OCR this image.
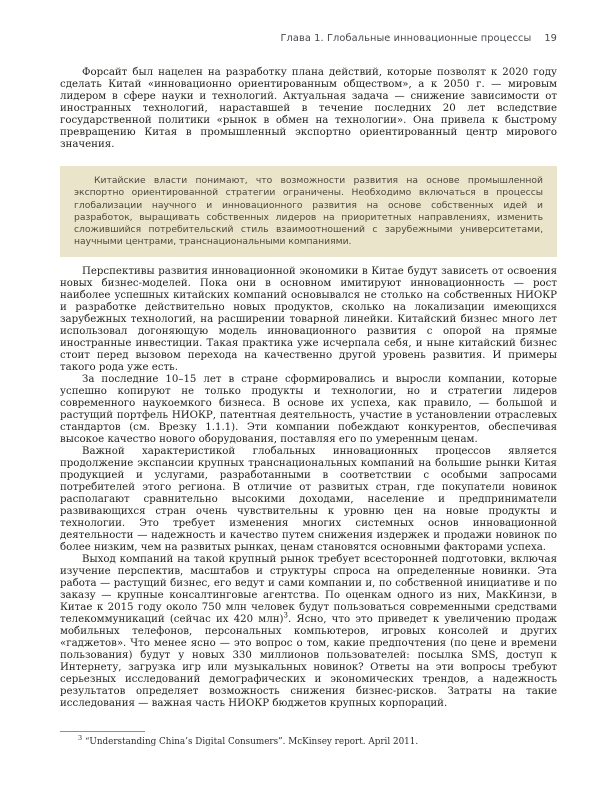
Глава 1. Глобальные инновационные процессы 19

Форсайт был нацелен на разработку плана действий, которые позволят к 2020 году сделать Китай «инновационно ориентированным обществом», а к 2050 г. — мировым лидером в сфере науки и технологий. Актуальная задача — снижение зависимости от иностранных технологий, нараставшей в течение последних 20 лет вследствие государственной политики «рынок в обмен на технологии». Она привела к быстрому превращению Китая в промышленный экспортно ориентированный центр мирового значения.

Китайские власти понимают, что возможности развития на основе промышленной экспортно ориентированной стратегии ограничены. Необходимо включаться в процессы глобализации научного и инновационного развития на основе собственных идей и разработок, выращивать собственных лидеров на приоритетных направлениях, изменить сложившийся потребительский стиль взаимоотношений с зарубежными университетами, научными центрами, транснациональными компаниями.

Перспективы развития инновационной экономики в Китае будут зависеть от освоения новых бизнес-моделей. Пока они в основном имитируют инновационность — рост наиболее успешных китайских компаний основывался не столько на собственных НИОКР и разработке действительно новых продуктов, сколько на локализации имеющихся зарубежных технологий, на расширении товарной линейки. Китайский бизнес много лет использовал догоняющую модель инновационного развития с опорой на прямые иностранные инвестиции. Такая практика уже исчерпала себя, и ныне китайский бизнес стоит перед вызовом перехода на качественно другой уровень развития. И примеры такого рода уже есть.

За последние 10–15 лет в стране сформировались и выросли компании, которые успешно копируют не только продукты и технологии, но и стратегии лидеров современного наукоемкого бизнеса. В основе их успеха, как правило, — большой и растущий портфель НИОКР, патентная деятельность, участие в установлении отраслевых стандартов (см. Врезку 1.1.1). Эти компании побеждают конкурентов, обеспечивая высокое качество нового оборудования, поставляя его по умеренным ценам.

Важной характеристикой глобальных инновационных процессов является продолжение экспансии крупных транснациональных компаний на большие рынки Китая продукцией и услугами, разработанными в соответствии с особыми запросами потребителей этого региона. В отличие от развитых стран, где покупатели новинок располагают сравнительно высокими доходами, население и предприниматели развивающихся стран очень чувствительны к уровню цен на новые продукты и технологии. Это требует изменения многих системных основ инновационной деятельности — надежность и качество путем снижения издержек и продажи новинок по более низким, чем на развитых рынках, ценам становятся основными факторами успеха.

Выход компаний на такой крупный рынок требует всесторонней подготовки, включая изучение перспектив, масштабов и структуры спроса на определенные новинки. Эта работа — растущий бизнес, его ведут и сами компании и, по собственной инициативе и по заказу — крупные консалтинговые агентства. По оценкам одного из них, МакКинзи, в Китае к 2015 году около 750 млн человек будут пользоваться современными средствами телекоммуникаций (сейчас их 420 млн)$^3$. Ясно, что это приведет к увеличению продаж мобильных телефонов, персональных компьютеров, игровых консолей и других «гаджетов». Что менее ясно — это вопрос о том, какие предпочтения (по цене и времени пользования) будут у новых 330 миллионов пользователей: посылка SMS, доступ к Интернету, загрузка игр или музыкальных новинок? Ответы на эти вопросы требуют серьезных исследований демографических и экономических трендов, а надежность результатов определяет возможность снижения бизнес-рисков. Затраты на такие исследования — важная часть НИОКР бюджетов крупных корпораций.

$^3$ “Understanding China’s Digital Consumers”. McKinsey report. April 2011.
